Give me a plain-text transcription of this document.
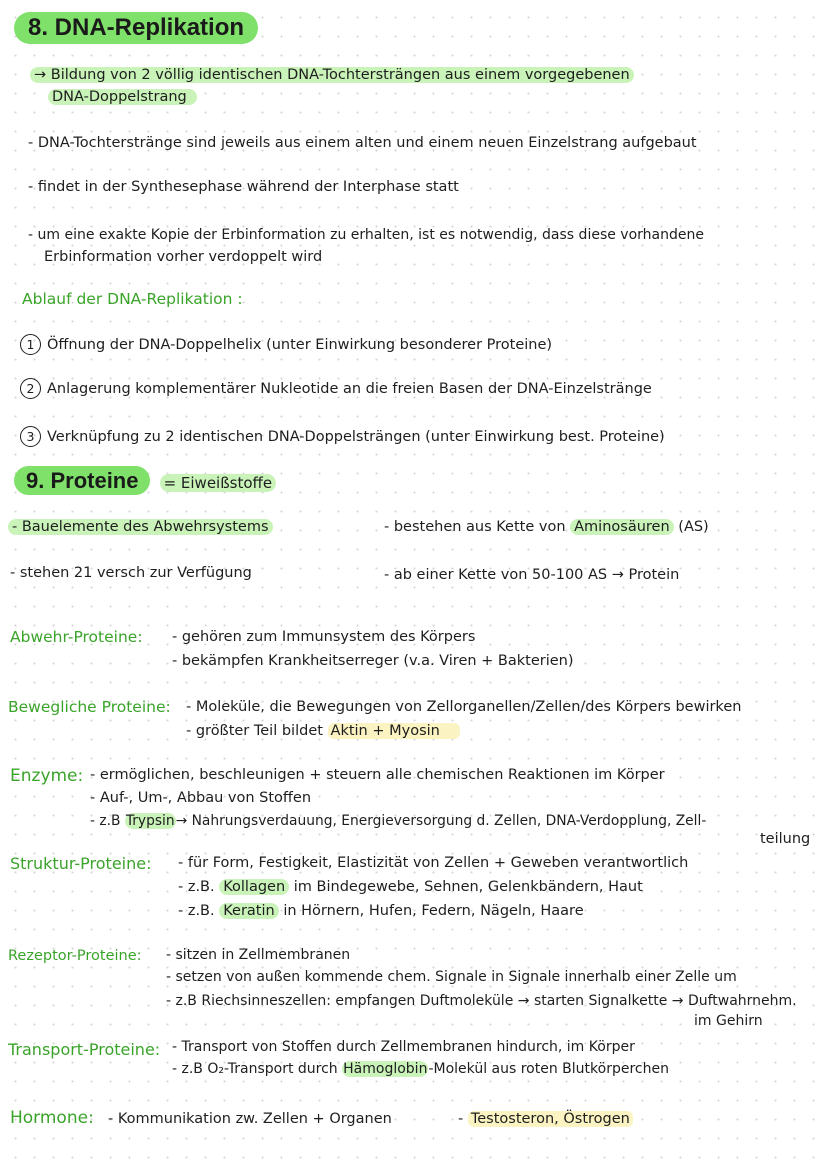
8. DNA-Replikation
→ Bildung von 2 völlig identischen DNA-Tochtersträngen aus einem vorgegebenen
DNA-Doppelstrang
- DNA-Tochterstränge sind jeweils aus einem alten und einem neuen Einzelstrang aufgebaut
- findet in der Synthesephase während der Interphase statt
- um eine exakte Kopie der Erbinformation zu erhalten, ist es notwendig, dass diese vorhandene
Erbinformation vorher verdoppelt wird
Ablauf der DNA-Replikation :
1 Öffnung der DNA-Doppelhelix (unter Einwirkung besonderer Proteine)
2 Anlagerung komplementärer Nukleotide an die freien Basen der DNA-Einzelstränge
3 Verknüpfung zu 2 identischen DNA-Doppelsträngen (unter Einwirkung best. Proteine)
9. Proteine = Eiweißstoffe
- Bauelemente des Abwehrsystems
- stehen 21 versch zur Verfügung
- bestehen aus Kette von Aminosäuren (AS)
- ab einer Kette von 50-100 AS → Protein
Abwehr-Proteine: - gehören zum Immunsystem des Körpers
- bekämpfen Krankheitserreger (v.a. Viren + Bakterien)
Bewegliche Proteine: - Moleküle, die Bewegungen von Zellorganellen/Zellen/des Körpers bewirken
- größter Teil bildet Aktin + Myosin
Enzyme: - ermöglichen, beschleunigen + steuern alle chemischen Reaktionen im Körper
- Auf-, Um-, Abbau von Stoffen
- z.B Trypsin→ Nahrungsverdauung, Energieversorgung d. Zellen, DNA-Verdopplung, Zell-
teilung
Struktur-Proteine: - für Form, Festigkeit, Elastizität von Zellen + Geweben verantwortlich
- z.B. Kollagen im Bindegewebe, Sehnen, Gelenkbändern, Haut
- z.B. Keratin in Hörnern, Hufen, Federn, Nägeln, Haare
Rezeptor-Proteine: - sitzen in Zellmembranen
- setzen von außen kommende chem. Signale in Signale innerhalb einer Zelle um
- z.B Riechsinneszellen: empfangen Duftmoleküle → starten Signalkette → Duftwahrnehm.
im Gehirn
Transport-Proteine: - Transport von Stoffen durch Zellmembranen hindurch, im Körper
- z.B O₂-Transport durch Hämoglobin-Molekül aus roten Blutkörperchen
Hormone: - Kommunikation zw. Zellen + Organen	- Testosteron, Östrogen
